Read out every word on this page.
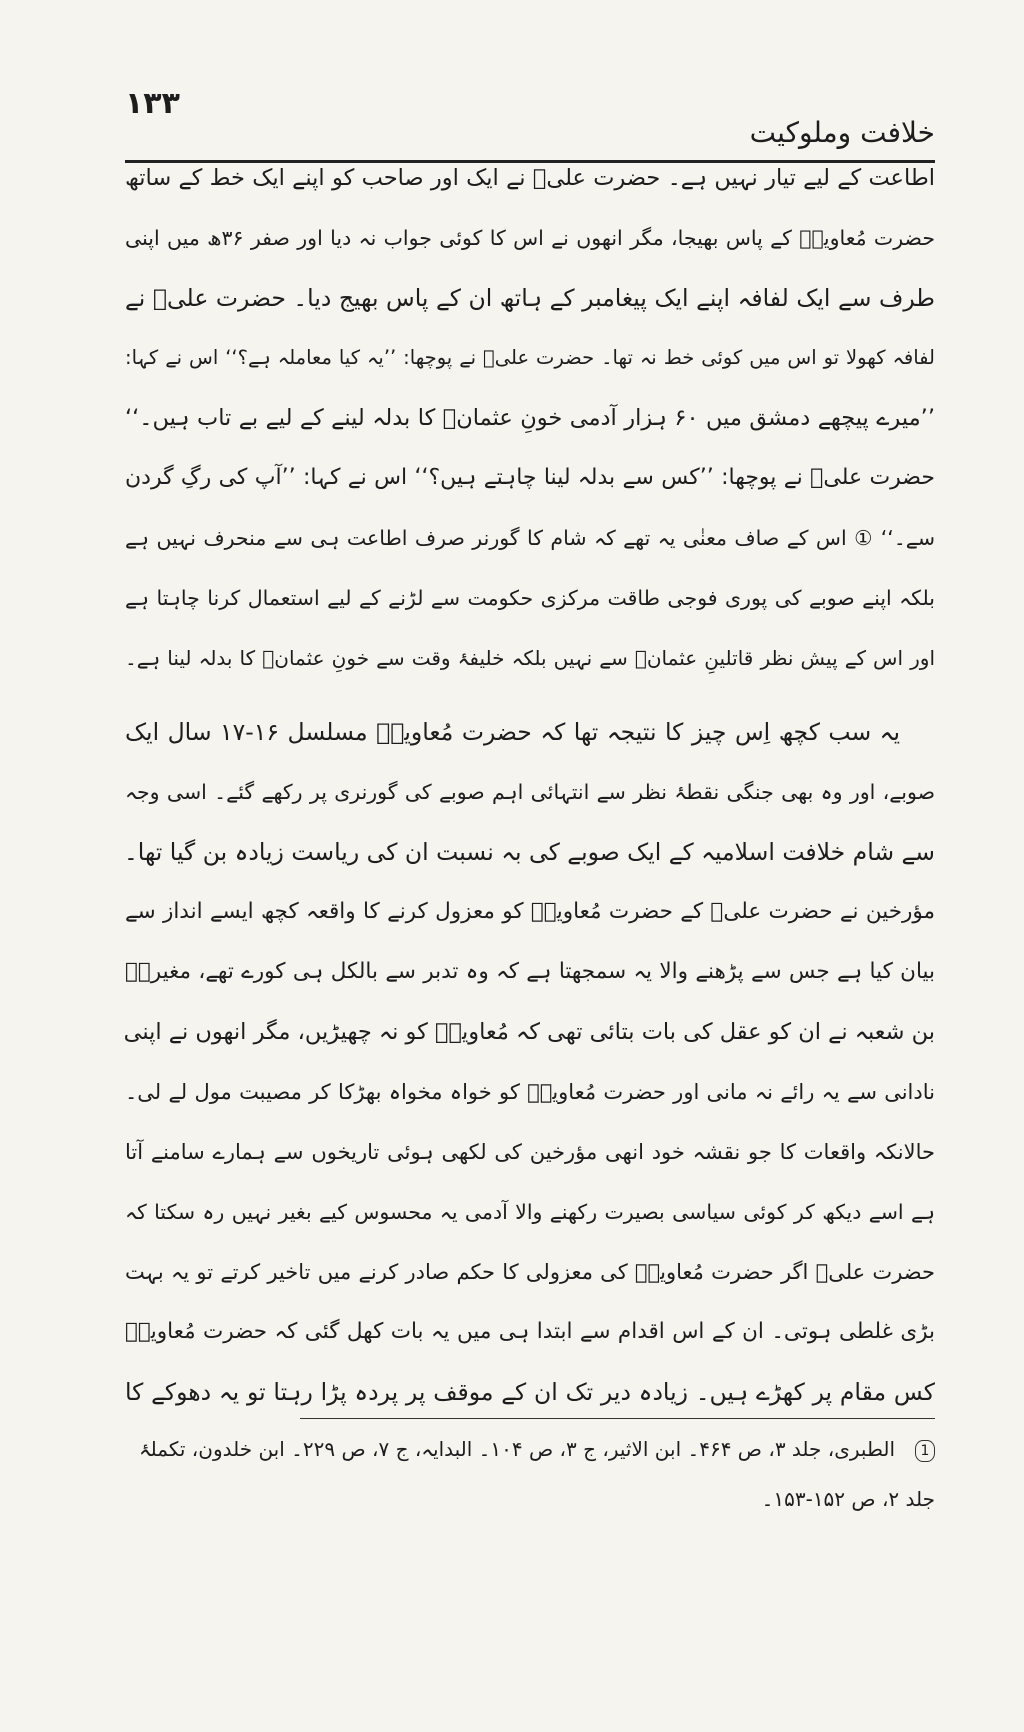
۱۳۳
خلافت وملوکیت
اطاعت کے لیے تیار نہیں ہے۔ حضرت علیؓ نے ایک اور صاحب کو اپنے ایک خط کے ساتھ
حضرت مُعاویہؓ کے پاس بھیجا، مگر انھوں نے اس کا کوئی جواب نہ دیا اور صفر ۳۶ھ میں اپنی
طرف سے ایک لفافہ اپنے ایک پیغامبر کے ہاتھ ان کے پاس بھیج دیا۔ حضرت علیؓ نے
لفافہ کھولا تو اس میں کوئی خط نہ تھا۔ حضرت علیؓ نے پوچھا: ’’یہ کیا معاملہ ہے؟‘‘ اس نے کہا:
’’میرے پیچھے دمشق میں ۶۰ ہزار آدمی خونِ عثمانؓ کا بدلہ لینے کے لیے بے تاب ہیں۔‘‘
حضرت علیؓ نے پوچھا: ’’کس سے بدلہ لینا چاہتے ہیں؟‘‘ اس نے کہا: ’’آپ کی رگِ گردن
سے۔‘‘ ① اس کے صاف معنٰی یہ تھے کہ شام کا گورنر صرف اطاعت ہی سے منحرف نہیں ہے
بلکہ اپنے صوبے کی پوری فوجی طاقت مرکزی حکومت سے لڑنے کے لیے استعمال کرنا چاہتا ہے
اور اس کے پیش نظر قاتلینِ عثمانؓ سے نہیں بلکہ خلیفۂ وقت سے خونِ عثمانؓ کا بدلہ لینا ہے۔
یہ سب کچھ اِس چیز کا نتیجہ تھا کہ حضرت مُعاویہؓ مسلسل ۱۶-۱۷ سال ایک
صوبے، اور وہ بھی جنگی نقطۂ نظر سے انتہائی اہم صوبے کی گورنری پر رکھے گئے۔ اسی وجہ
سے شام خلافت اسلامیہ کے ایک صوبے کی بہ نسبت ان کی ریاست زیادہ بن گیا تھا۔
مؤرخین نے حضرت علیؓ کے حضرت مُعاویہؓ کو معزول کرنے کا واقعہ کچھ ایسے انداز سے
بیان کیا ہے جس سے پڑھنے والا یہ سمجھتا ہے کہ وہ تدبر سے بالکل ہی کورے تھے، مغیرہؓ
بن شعبہ نے ان کو عقل کی بات بتائی تھی کہ مُعاویہؓ کو نہ چھیڑیں، مگر انھوں نے اپنی
نادانی سے یہ رائے نہ مانی اور حضرت مُعاویہؓ کو خواہ مخواہ بھڑکا کر مصیبت مول لے لی۔
حالانکہ واقعات کا جو نقشہ خود انھی مؤرخین کی لکھی ہوئی تاریخوں سے ہمارے سامنے آتا
ہے اسے دیکھ کر کوئی سیاسی بصیرت رکھنے والا آدمی یہ محسوس کیے بغیر نہیں رہ سکتا کہ
حضرت علیؓ اگر حضرت مُعاویہؓ کی معزولی کا حکم صادر کرنے میں تاخیر کرتے تو یہ بہت
بڑی غلطی ہوتی۔ ان کے اس اقدام سے ابتدا ہی میں یہ بات کھل گئی کہ حضرت مُعاویہؓ
کس مقام پر کھڑے ہیں۔ زیادہ دیر تک ان کے موقف پر پردہ پڑا رہتا تو یہ دھوکے کا
1الطبری، جلد ۳، ص ۴۶۴۔ ابن الاثیر، ج ۳، ص ۱۰۴۔ البدایہ، ج ۷، ص ۲۲۹۔ ابن خلدون، تکملۂ
جلد ۲، ص ۱۵۲-۱۵۳۔
